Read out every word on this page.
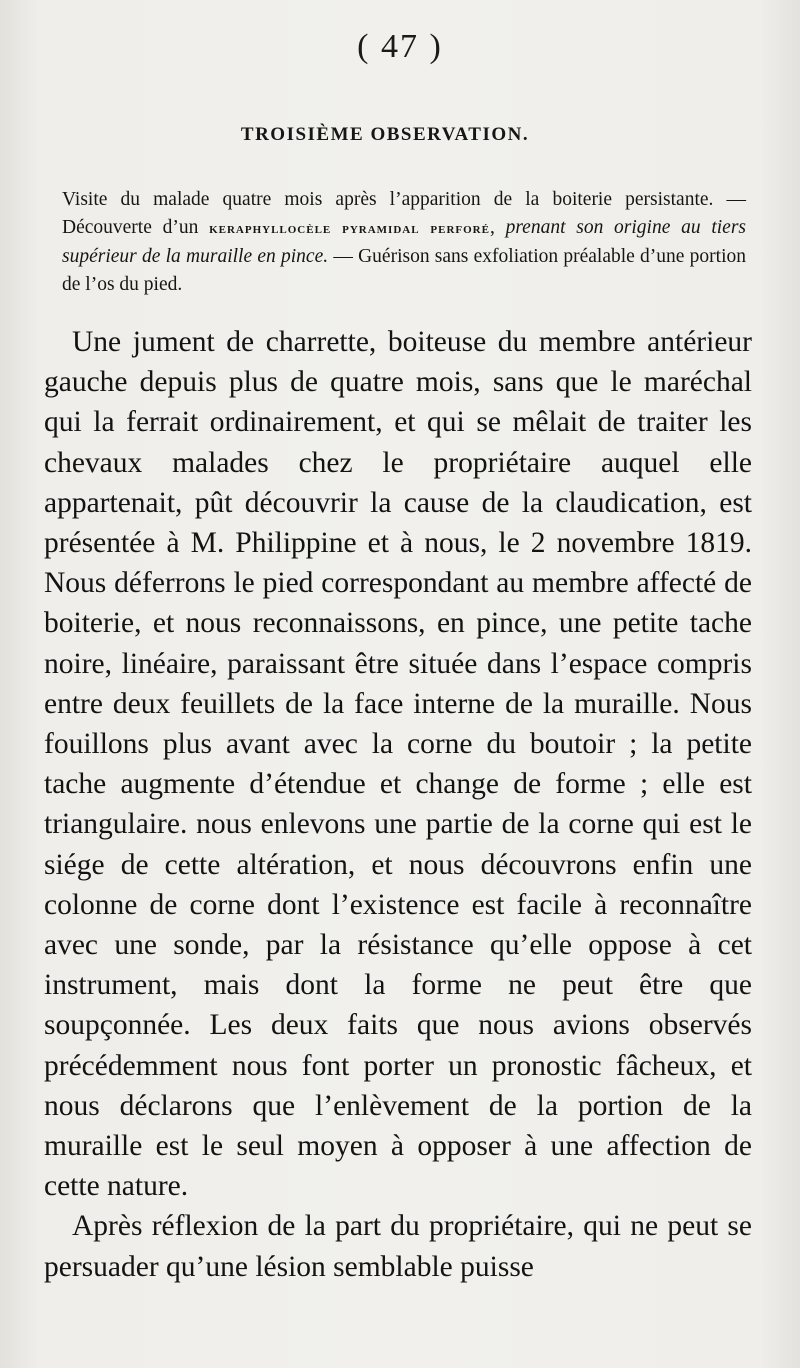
( 47 )
TROISIÈME OBSERVATION.
Visite du malade quatre mois après l’apparition de la boiterie persistante. — Découverte d’un keraphyllocèle pyramidal perforé, prenant son origine au tiers supérieur de la muraille en pince. — Guérison sans exfoliation préalable d’une portion de l’os du pied.

Une jument de charrette, boiteuse du membre antérieur gauche depuis plus de quatre mois, sans que le maréchal qui la ferrait ordinairement, et qui se mêlait de traiter les chevaux malades chez le propriétaire auquel elle appartenait, pût découvrir la cause de la claudication, est présentée à M. Philippine et à nous, le 2 novembre 1819. Nous déferrons le pied correspondant au membre affecté de boiterie, et nous reconnaissons, en pince, une petite tache noire, linéaire, paraissant être située dans l’espace compris entre deux feuillets de la face interne de la muraille. Nous fouillons plus avant avec la corne du boutoir ; la petite tache augmente d’étendue et change de forme ; elle est triangulaire. nous enlevons une partie de la corne qui est le siége de cette altération, et nous découvrons enfin une colonne de corne dont l’existence est facile à reconnaître avec une sonde, par la résistance qu’elle oppose à cet instrument, mais dont la forme ne peut être que soupçonnée. Les deux faits que nous avions observés précédemment nous font porter un pronostic fâcheux, et nous déclarons que l’enlèvement de la portion de la muraille est le seul moyen à opposer à une affection de cette nature.

Après réflexion de la part du propriétaire, qui ne peut se persuader qu’une lésion semblable puisse
